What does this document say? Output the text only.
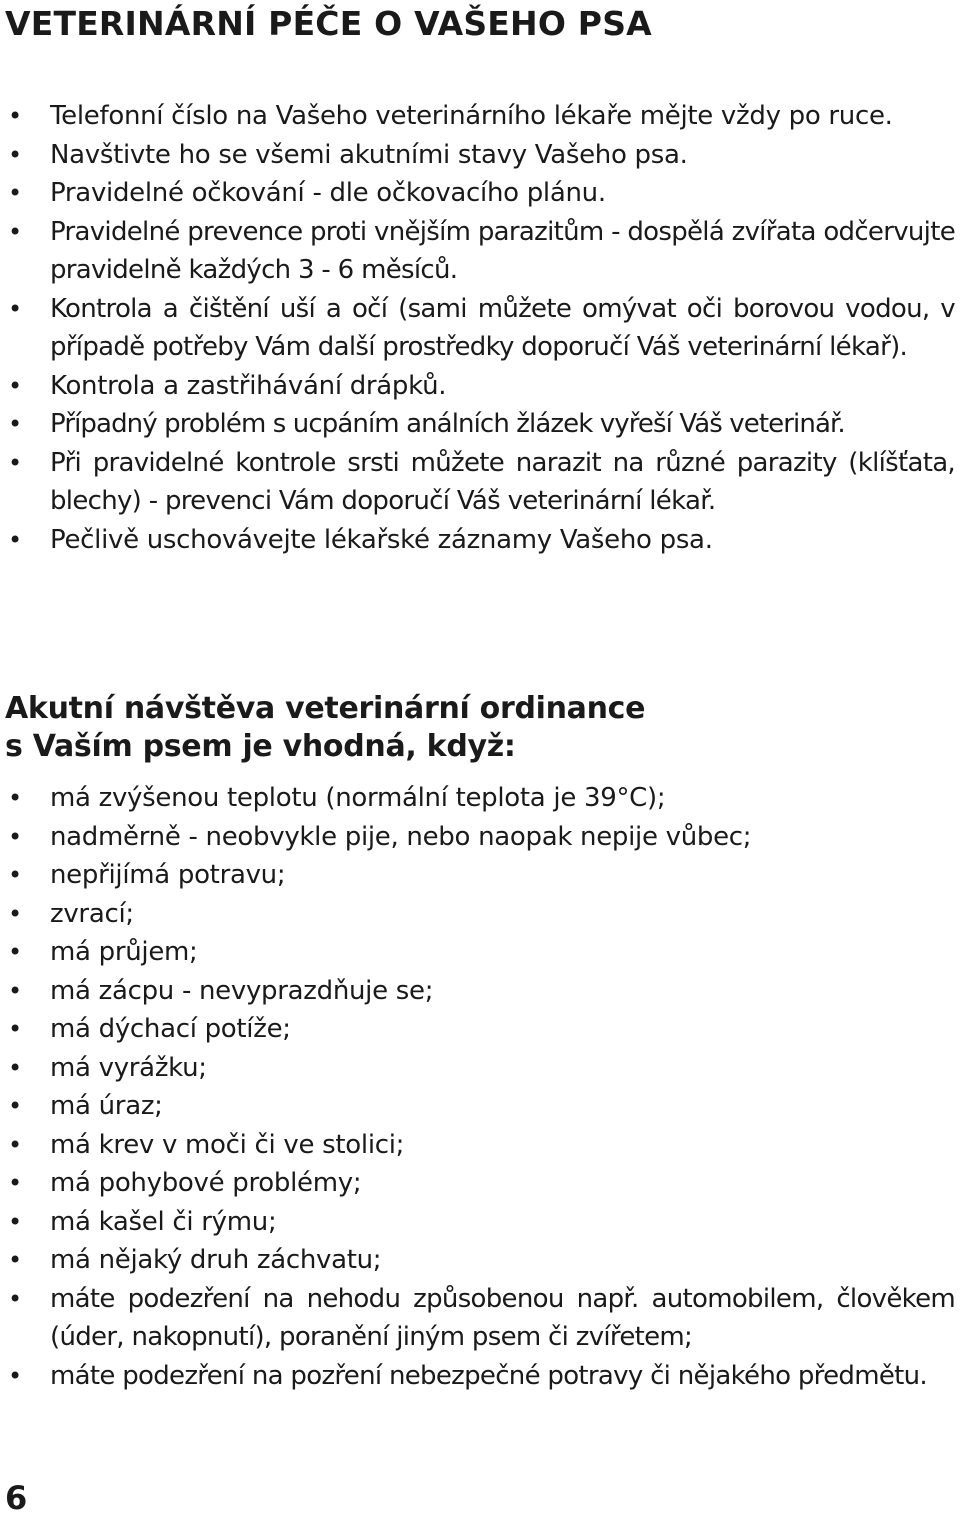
VETERINÁRNÍ PÉČE O VAŠEHO PSA
• Telefonní číslo na Vašeho veterinárního lékaře mějte vždy po ruce.
• Navštivte ho se všemi akutními stavy Vašeho psa.
• Pravidelné očkování - dle očkovacího plánu.
• Pravidelné prevence proti vnějším parazitům - dospělá zvířata odčervujte pravidelně každých 3 - 6 měsíců.
• Kontrola a čištění uší a očí (sami můžete omývat oči borovou vodou, v případě potřeby Vám další prostředky doporučí Váš veterinární lékař).
• Kontrola a zastřihávání drápků.
• Případný problém s ucpáním análních žlázek vyřeší Váš veterinář.
• Při pravidelné kontrole srsti můžete narazit na různé parazity (klíšťata, blechy) - prevenci Vám doporučí Váš veterinární lékař.
• Pečlivě uschovávejte lékařské záznamy Vašeho psa.
Akutní návštěva veterinární ordinance
s Vaším psem je vhodná, když:
• má zvýšenou teplotu (normální teplota je 39°C);
• nadměrně - neobvykle pije, nebo naopak nepije vůbec;
• nepřijímá potravu;
• zvrací;
• má průjem;
• má zácpu - nevyprazdňuje se;
• má dýchací potíže;
• má vyrážku;
• má úraz;
• má krev v moči či ve stolici;
• má pohybové problémy;
• má kašel či rýmu;
• má nějaký druh záchvatu;
• máte podezření na nehodu způsobenou např. automobilem, člověkem (úder, nakopnutí), poranění jiným psem či zvířetem;
• máte podezření na pozření nebezpečné potravy či nějakého předmětu.
6
